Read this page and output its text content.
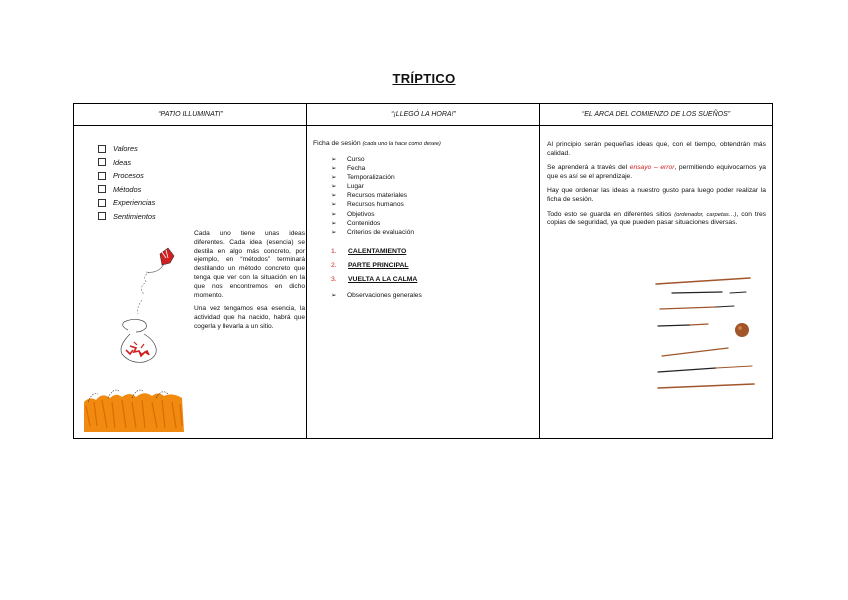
TRÍPTICO
“PATIO ILLUMINATI”	“¡LLEGÓ LA HORA!”	“EL ARCA DEL COMIENZO DE LOS SUEÑOS”
Valores
Ideas
Procesos
Métodos
Experiencias
Sentimientos

Cada uno tiene unas ideas diferentes. Cada idea (esencia) se destila en algo más concreto, por ejemplo, en “métodos” terminará destilando un método concreto que tenga que ver con la situación en la que nos encontremos en dicho momento.

Una vez tengamos esa esencia, la actividad que ha nacido, habrá que cogerla y llevarla a un sitio.

Ficha de sesión (cada uno la hace como desee)
➢ Curso
➢ Fecha
➢ Temporalización
➢ Lugar
➢ Recursos materiales
➢ Recursos humanos
➢ Objetivos
➢ Contenidos
➢ Criterios de evaluación
1. CALENTAMIENTO
2. PARTE PRINCIPAL
3. VUELTA A LA CALMA
➢ Observaciones generales

Al principio serán pequeñas ideas que, con el tiempo, obtendrán más calidad.

Se aprenderá a través del ensayo – error, permitiendo equivocarnos ya que es así se el aprendizaje.

Hay que ordenar las ideas a nuestro gusto para luego poder realizar la ficha de sesión.

Todo esto se guarda en diferentes sitios (ordenador, carpetas…), con tres copias de seguridad, ya que pueden pasar situaciones diversas.
